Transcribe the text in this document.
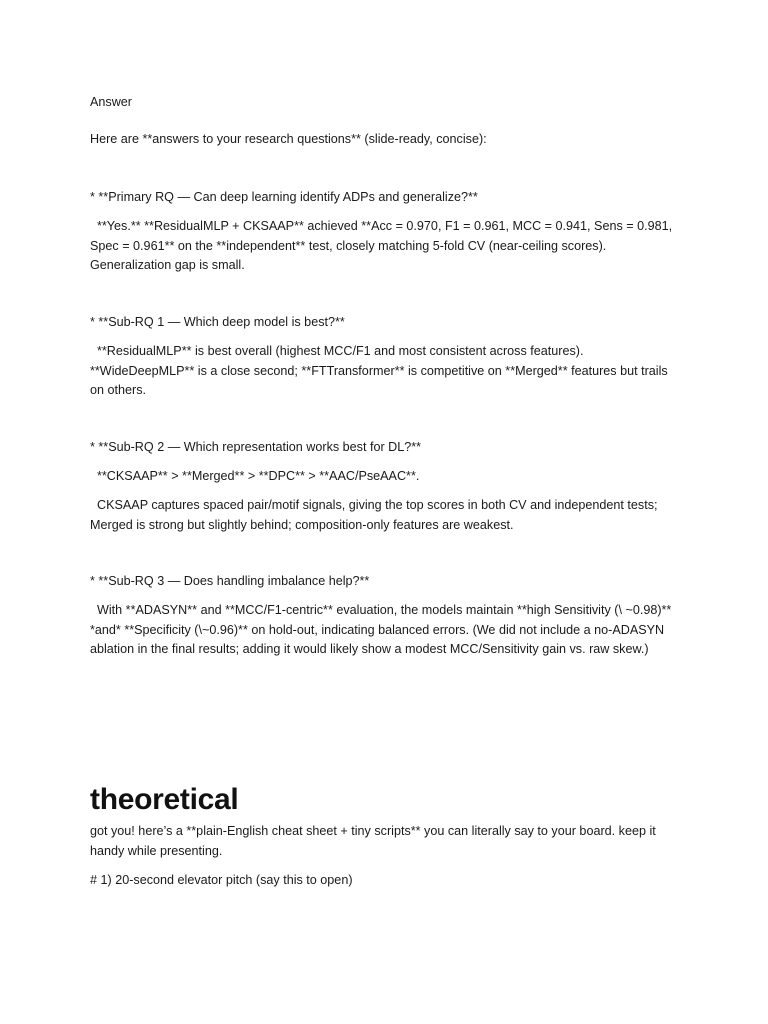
Answer
Here are **answers to your research questions** (slide-ready, concise):
* **Primary RQ — Can deep learning identify ADPs and generalize?**
**Yes.** **ResidualMLP + CKSAAP** achieved **Acc = 0.970, F1 = 0.961, MCC = 0.941, Sens = 0.981, Spec = 0.961** on the **independent** test, closely matching 5-fold CV (near-ceiling scores). Generalization gap is small.
* **Sub-RQ 1 — Which deep model is best?**
**ResidualMLP** is best overall (highest MCC/F1 and most consistent across features). **WideDeepMLP** is a close second; **FTTransformer** is competitive on **Merged** features but trails on others.
* **Sub-RQ 2 — Which representation works best for DL?**
**CKSAAP** > **Merged** > **DPC** > **AAC/PseAAC**.
CKSAAP captures spaced pair/motif signals, giving the top scores in both CV and independent tests; Merged is strong but slightly behind; composition-only features are weakest.
* **Sub-RQ 3 — Does handling imbalance help?**
With **ADASYN** and **MCC/F1-centric** evaluation, the models maintain **high Sensitivity (\ ~0.98)** *and* **Specificity (\~0.96)** on hold-out, indicating balanced errors. (We did not include a no-ADASYN ablation in the final results; adding it would likely show a modest MCC/Sensitivity gain vs. raw skew.)
theoretical
got you! here’s a **plain-English cheat sheet + tiny scripts** you can literally say to your board. keep it handy while presenting.
# 1) 20-second elevator pitch (say this to open)
